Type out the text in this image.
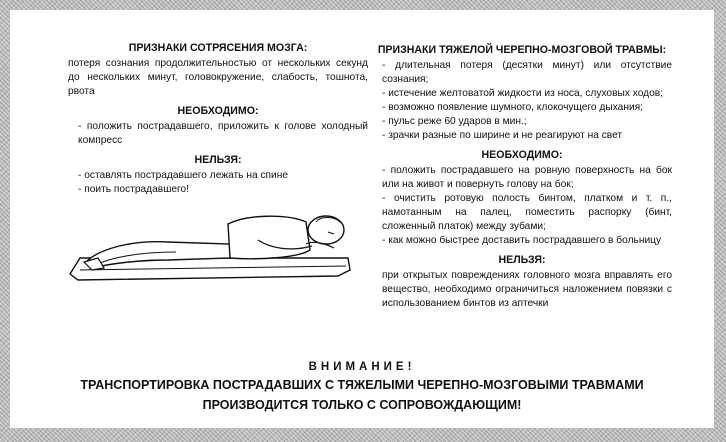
ПРИЗНАКИ СОТРЯСЕНИЯ МОЗГА:
потеря сознания продолжительностью от нескольких секунд до нескольких минут, головокружение, слабость, тошнота, рвота
НЕОБХОДИМО:
- положить пострадавшего, приложить к голове холодный компресс
НЕЛЬЗЯ:
- оставлять пострадавшего лежать на спине
- поить пострадавшего!
ПРИЗНАКИ ТЯЖЕЛОЙ ЧЕРЕПНО-МОЗГОВОЙ ТРАВМЫ:
- длительная потеря (десятки минут) или отсутствие сознания;
- истечение желтоватой жидкости из носа, слуховых ходов;
- возможно появление шумного, клокочущего дыхания;
- пульс реже 60 ударов в мин.;
- зрачки разные по ширине и не реагируют на свет
НЕОБХОДИМО:
- положить пострадавшего на ровную поверхность на бок или на живот и повернуть голову на бок;
- очистить ротовую полость бинтом, платком и т. п., намотанным на палец, поместить распорку (бинт, сложенный платок) между зубами;
- как можно быстрее доставить пострадавшего в больницу
НЕЛЬЗЯ:
при открытых повреждениях головного мозга вправлять его вещество, необходимо ограничиться наложением повязки с использованием бинтов из аптечки
ВНИМАНИЕ!
ТРАНСПОРТИРОВКА ПОСТРАДАВШИХ С ТЯЖЕЛЫМИ ЧЕРЕПНО-МОЗГОВЫМИ ТРАВМАМИ
ПРОИЗВОДИТСЯ ТОЛЬКО С СОПРОВОЖДАЮЩИМ!
